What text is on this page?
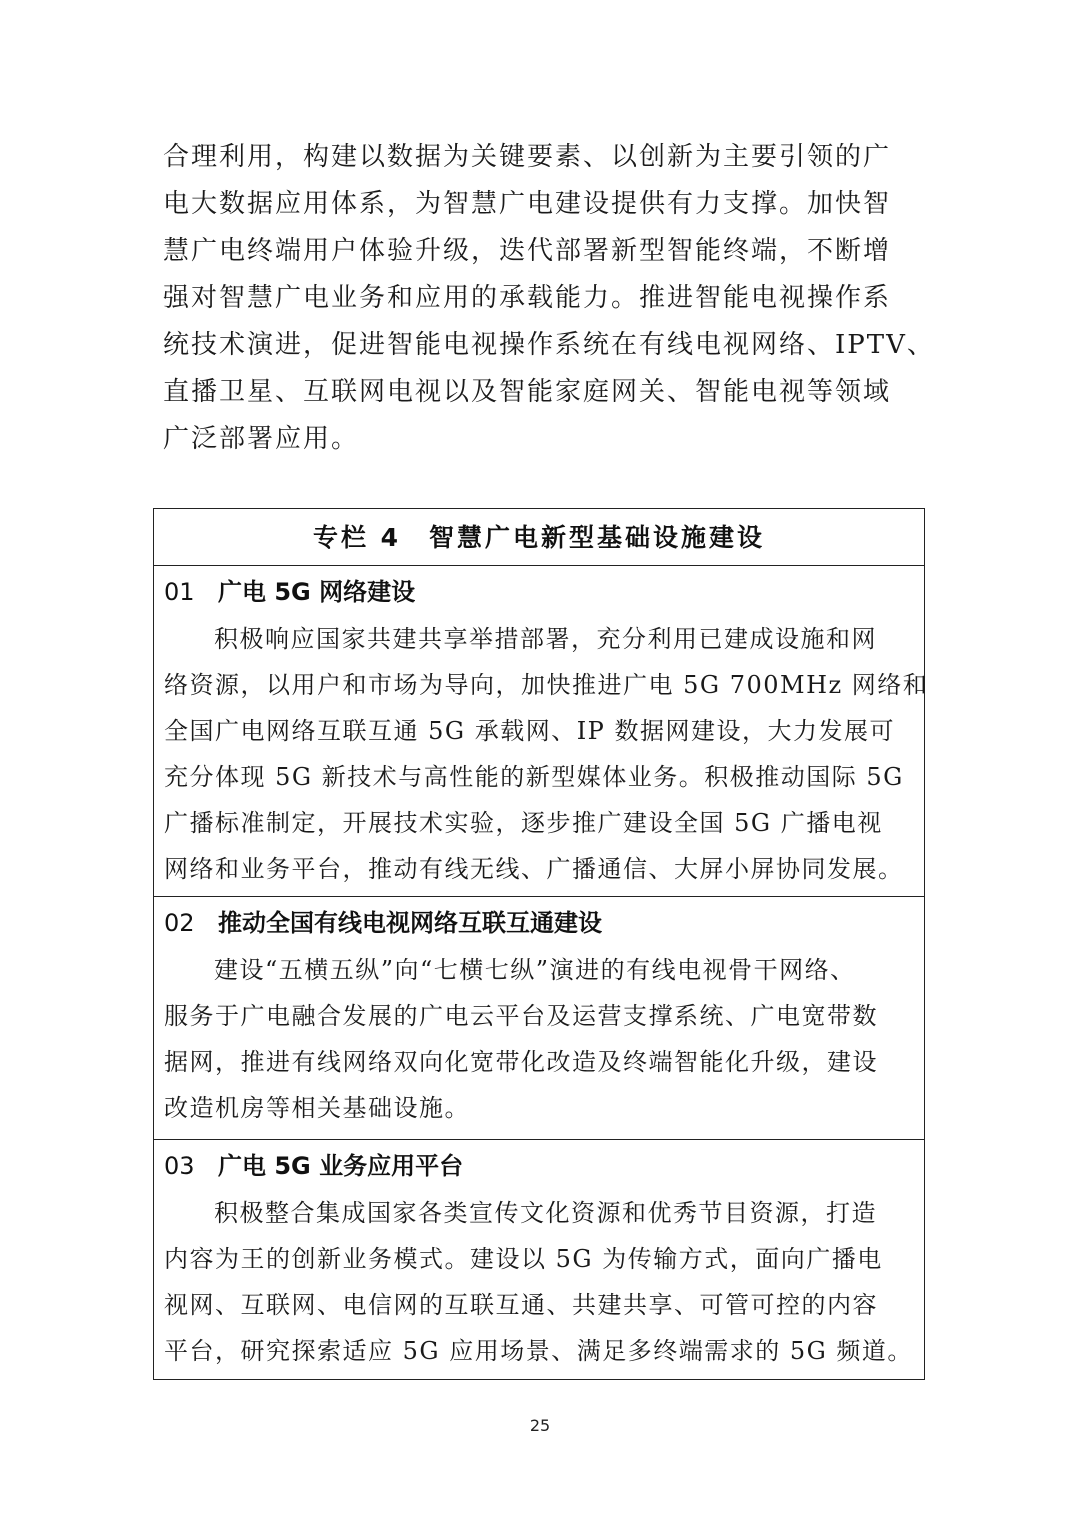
合理利用，构建以数据为关键要素、以创新为主要引领的广
电大数据应用体系，为智慧广电建设提供有力支撑。加快智
慧广电终端用户体验升级，迭代部署新型智能终端，不断增
强对智慧广电业务和应用的承载能力。推进智能电视操作系
统技术演进，促进智能电视操作系统在有线电视网络、IPTV、
直播卫星、互联网电视以及智能家庭网关、智能电视等领域
广泛部署应用。
专栏 4　智慧广电新型基础设施建设
01 广电 5G 网络建设
积极响应国家共建共享举措部署，充分利用已建成设施和网
络资源，以用户和市场为导向，加快推进广电 5G 700MHz 网络和
全国广电网络互联互通 5G 承载网、IP 数据网建设，大力发展可
充分体现 5G 新技术与高性能的新型媒体业务。积极推动国际 5G
广播标准制定，开展技术实验，逐步推广建设全国 5G 广播电视
网络和业务平台，推动有线无线、广播通信、大屏小屏协同发展。
02 推动全国有线电视网络互联互通建设
建设“五横五纵”向“七横七纵”演进的有线电视骨干网络、
服务于广电融合发展的广电云平台及运营支撑系统、广电宽带数
据网，推进有线网络双向化宽带化改造及终端智能化升级，建设
改造机房等相关基础设施。
03 广电 5G 业务应用平台
积极整合集成国家各类宣传文化资源和优秀节目资源，打造
内容为王的创新业务模式。建设以 5G 为传输方式，面向广播电
视网、互联网、电信网的互联互通、共建共享、可管可控的内容
平台，研究探索适应 5G 应用场景、满足多终端需求的 5G 频道。
25
